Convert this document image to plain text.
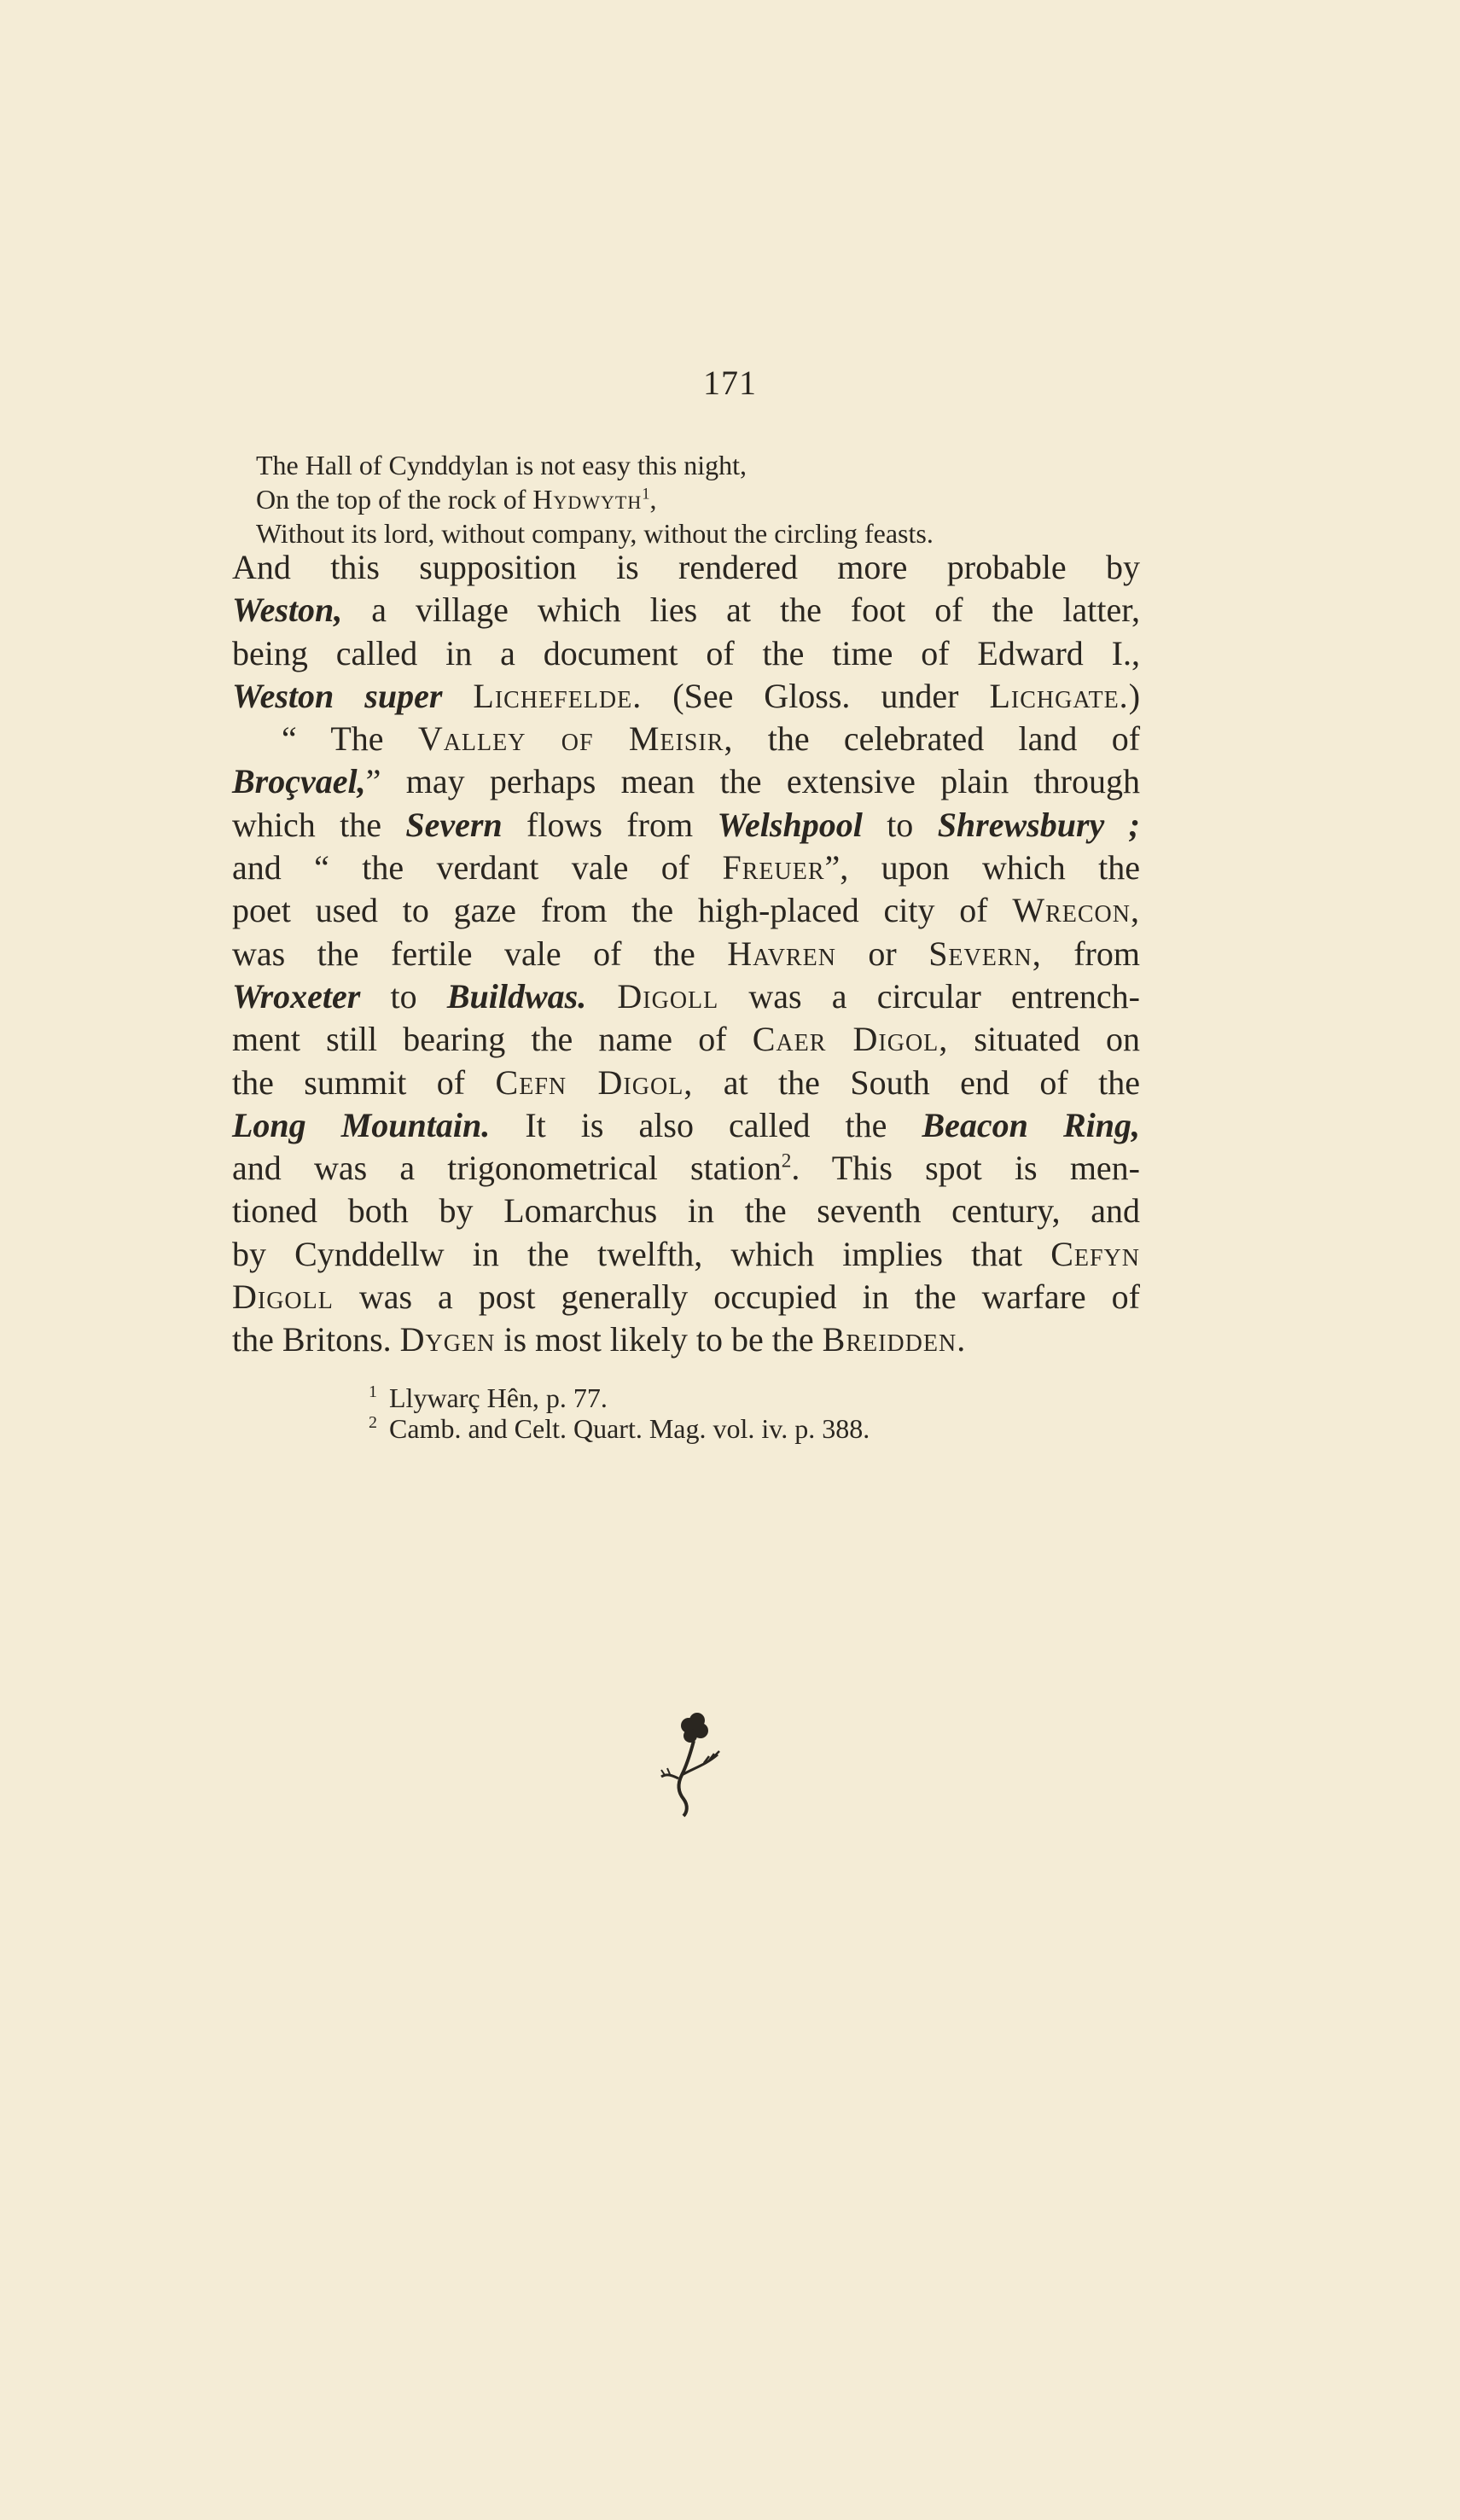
171
The Hall of Cynddylan is not easy this night,
On the top of the rock of Hydwyth$^1$,
Without its lord, without company, without the circling feasts.
And this supposition is rendered more probable by
Weston, a village which lies at the foot of the latter,
being called in a document of the time of Edward I.,
Weston super Lichefelde. (See Gloss. under Lichgate.)
“ The Valley of Meisir, the celebrated land of
Broçvael,” may perhaps mean the extensive plain through
which the Severn flows from Welshpool to Shrewsbury ;
and “ the verdant vale of Freuer”, upon which the
poet used to gaze from the high-placed city of Wrecon,
was the fertile vale of the Havren or Severn, from
Wroxeter to Buildwas. Digoll was a circular entrench-
ment still bearing the name of Caer Digol, situated on
the summit of Cefn Digol, at the South end of the
Long Mountain. It is also called the Beacon Ring,
and was a trigonometrical station$^2$. This spot is men-
tioned both by Lomarchus in the seventh century, and
by Cynddellw in the twelfth, which implies that Cefyn
Digoll was a post generally occupied in the warfare of
the Britons. Dygen is most likely to be the Breidden.
1 Llywarç Hên, p. 77.
2 Camb. and Celt. Quart. Mag. vol. iv. p. 388.
